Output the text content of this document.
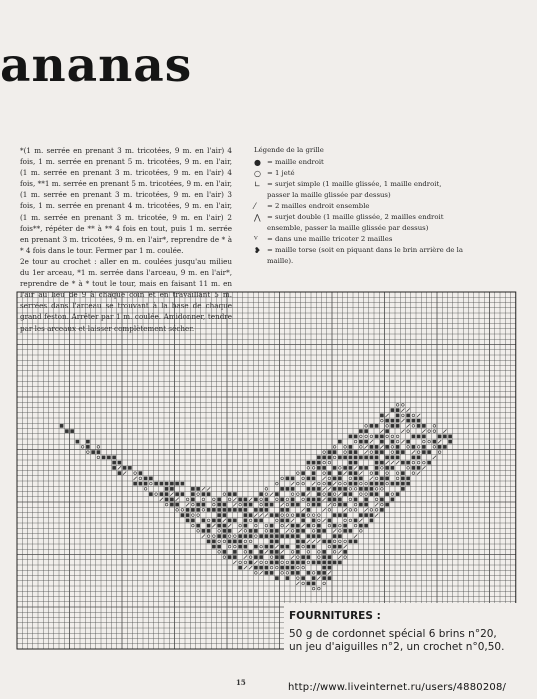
ananas

*(1 m. serrée en prenant 3 m. tricotées, 9 m. en l'air) 4 fois, 1 m. serrée en prenant 5 m. tricotées, 9 m. en l'air, (1 m. serrée en prenant 3 m. tricotées, 9 m. en l'air) 4 fois, **1 m. serrée en prenant 5 m. tricotées, 9 m. en l'air, (1 m. serrée en prenant 3 m. tricotées, 9 m. en l'air) 3 fois, 1 m. serrée en prenant 4 m. tricotées, 9 m. en l'air, (1 m. serrée en prenant 3 m. tricotée, 9 m. en l'air) 2 fois**, répéter de ** à ** 4 fois en tout, puis 1 m. serrée en prenant 3 m. tricotées, 9 m. en l'air*, reprendre de * à * 4 fois dans le tour. Fermer par 1 m. coulée.

2e tour au crochet : aller en m. coulées jusqu'au milieu du 1er arceau, *1 m. serrée dans l'arceau, 9 m. en l'air*, reprendre de * à * tout le tour, mais en faisant 11 m. en l'air au lieu de 9 à chaque coin et en travaillant 5 m. serrées dans l'arceau se trouvant à la base de chaque grand feston. Arrêter par 1 m. coulée. Amidonner, tendre par les arceaux et laisser complètement sécher.

Légende de la grille
● = maille endroit
○ = 1 jeté
∟ = surjet simple (1 maille glissée, 1 maille endroit, passer la maille glissée par dessus)
⁄	= 2 mailles endroit ensemble
⋀ = surjet double (1 maille glissée, 2 mailles endroit ensemble, passer la maille glissée par dessus)
ⱽ	= dans une maille tricoter 2 mailles
❥ = maille torse (soit en piquant dans le brin arrière de la maille).
FOURNITURES :
50 g de cordonnet spécial 6 brins n°20,
un jeu d'aiguilles n°2, un crochet n°0,50.
15	http://www.liveinternet.ru/users/4880208/
